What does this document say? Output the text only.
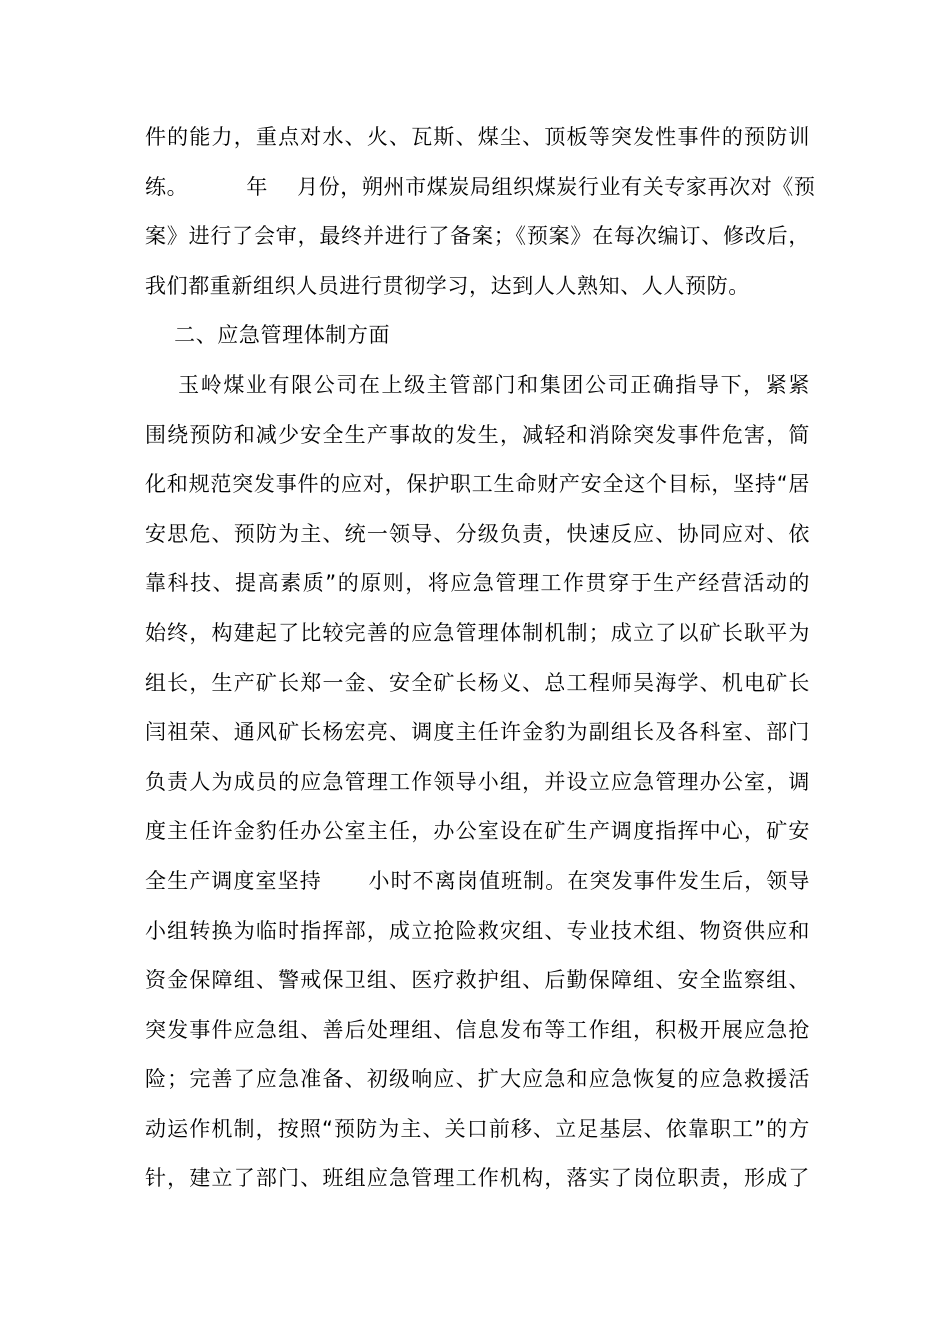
件的能力，重点对水、火、瓦斯、煤尘、顶板等突发性事件的预防训
练。        年    月份，朔州市煤炭局组织煤炭行业有关专家再次对《预
案》进行了会审，最终并进行了备案；《预案》在每次编订、修改后，
我们都重新组织人员进行贯彻学习，达到人人熟知、人人预防。
二、应急管理体制方面
玉岭煤业有限公司在上级主管部门和集团公司正确指导下，紧紧
围绕预防和减少安全生产事故的发生，减轻和消除突发事件危害，简
化和规范突发事件的应对，保护职工生命财产安全这个目标，坚持“居
安思危、预防为主、统一领导、分级负责，快速反应、协同应对、依
靠科技、提高素质”的原则，将应急管理工作贯穿于生产经营活动的
始终，构建起了比较完善的应急管理体制机制；成立了以矿长耿平为
组长，生产矿长郑一金、安全矿长杨义、总工程师吴海学、机电矿长
闫祖荣、通风矿长杨宏亮、调度主任许金豹为副组长及各科室、部门
负责人为成员的应急管理工作领导小组，并设立应急管理办公室，调
度主任许金豹任办公室主任，办公室设在矿生产调度指挥中心，矿安
全生产调度室坚持      小时不离岗值班制。在突发事件发生后，领导
小组转换为临时指挥部，成立抢险救灾组、专业技术组、物资供应和
资金保障组、警戒保卫组、医疗救护组、后勤保障组、安全监察组、
突发事件应急组、善后处理组、信息发布等工作组，积极开展应急抢
险；完善了应急准备、初级响应、扩大应急和应急恢复的应急救援活
动运作机制，按照“预防为主、关口前移、立足基层、依靠职工”的方
针，建立了部门、班组应急管理工作机构，落实了岗位职责，形成了
